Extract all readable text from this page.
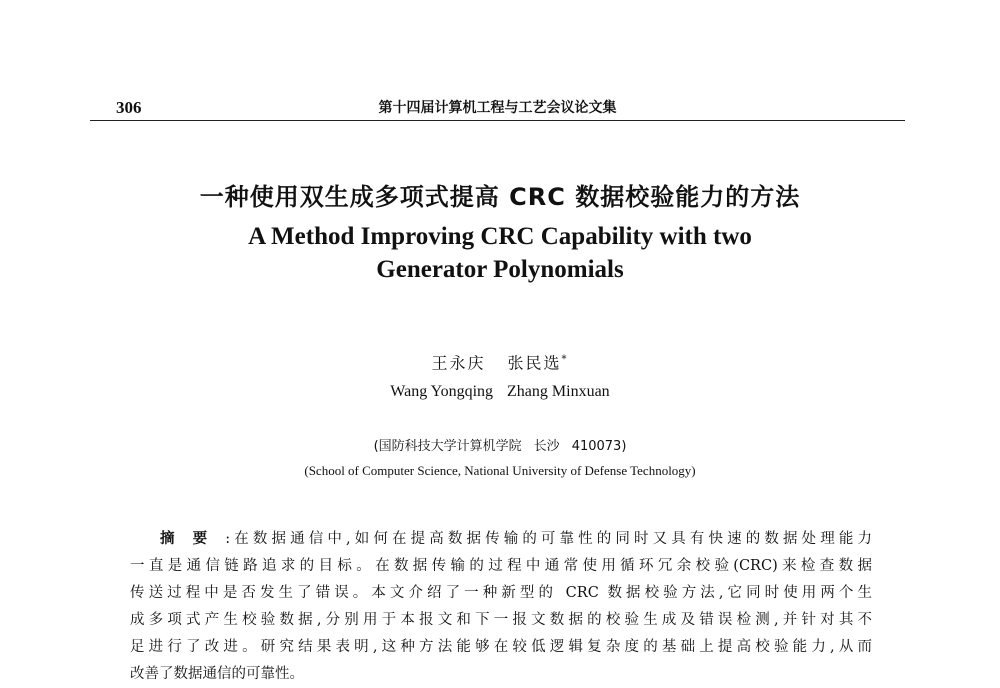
306	第十四届计算机工程与工艺会议论文集
一种使用双生成多项式提高 CRC 数据校验能力的方法
A Method Improving CRC Capability with two
Generator Polynomials
王永庆 张民选*
Wang Yongqing Zhang Minxuan
(国防科技大学计算机学院 长沙 410073)
(School of Computer Science, National University of Defense Technology)
摘要:在数据通信中,如何在提高数据传输的可靠性的同时又具有快速的数据处理能力
一直是通信链路追求的目标。在数据传输的过程中通常使用循环冗余校验(CRC)来检查数据
传送过程中是否发生了错误。本文介绍了一种新型的 CRC 数据校验方法,它同时使用两个生
成多项式产生校验数据,分别用于本报文和下一报文数据的校验生成及错误检测,并针对其不
足进行了改进。研究结果表明,这种方法能够在较低逻辑复杂度的基础上提高校验能力,从而
改善了数据通信的可靠性。
